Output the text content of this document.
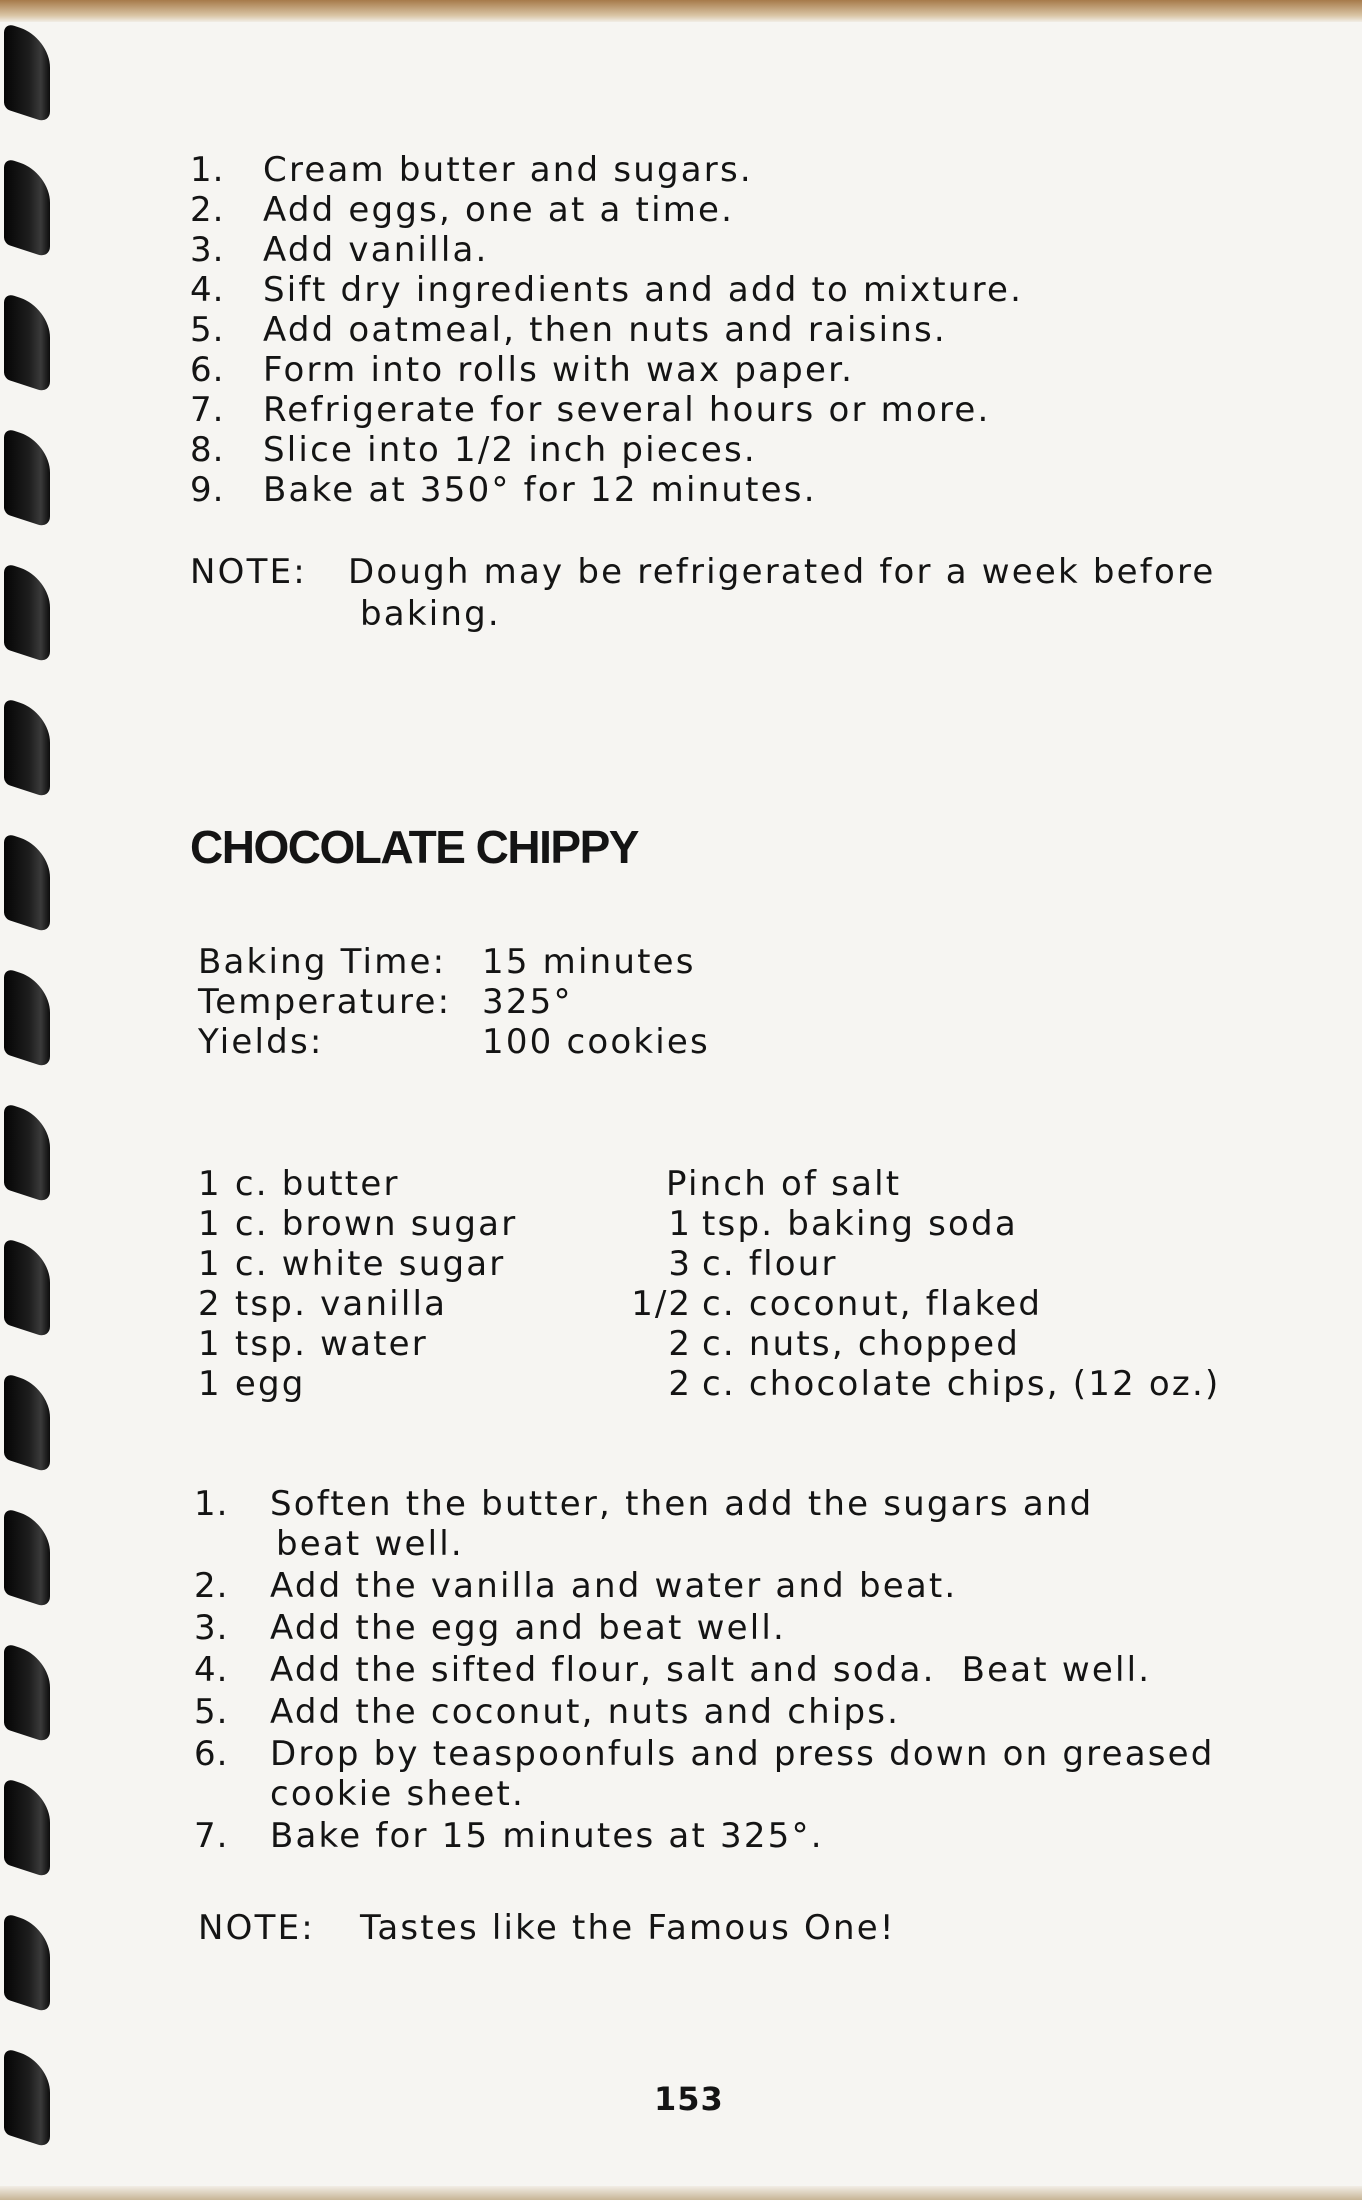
1. Cream butter and sugars.
2. Add eggs, one at a time.
3. Add vanilla.
4. Sift dry ingredients and add to mixture.
5. Add oatmeal, then nuts and raisins.
6. Form into rolls with wax paper.
7. Refrigerate for several hours or more.
8. Slice into 1/2 inch pieces.
9. Bake at 350° for 12 minutes.
NOTE: Dough may be refrigerated for a week before
baking.
CHOCOLATE CHIPPY
Baking Time: 15 minutes
Temperature: 325°
Yields:	100 cookies
1 c. butter
1 c. brown sugar
1 c. white sugar
2 tsp. vanilla
1 tsp. water
1 egg
Pinch of salt
1 tsp. baking soda
3 c. flour
1/2 c. coconut, flaked
2 c. nuts, chopped
2 c. chocolate chips, (12 oz.)
1. Soften the butter, then add the sugars and
beat well.
2. Add the vanilla and water and beat.
3. Add the egg and beat well.
4. Add the sifted flour, salt and soda.  Beat well.
5. Add the coconut, nuts and chips.
6. Drop by teaspoonfuls and press down on greased
cookie sheet.
7. Bake for 15 minutes at 325°.
NOTE: Tastes like the Famous One!
153
